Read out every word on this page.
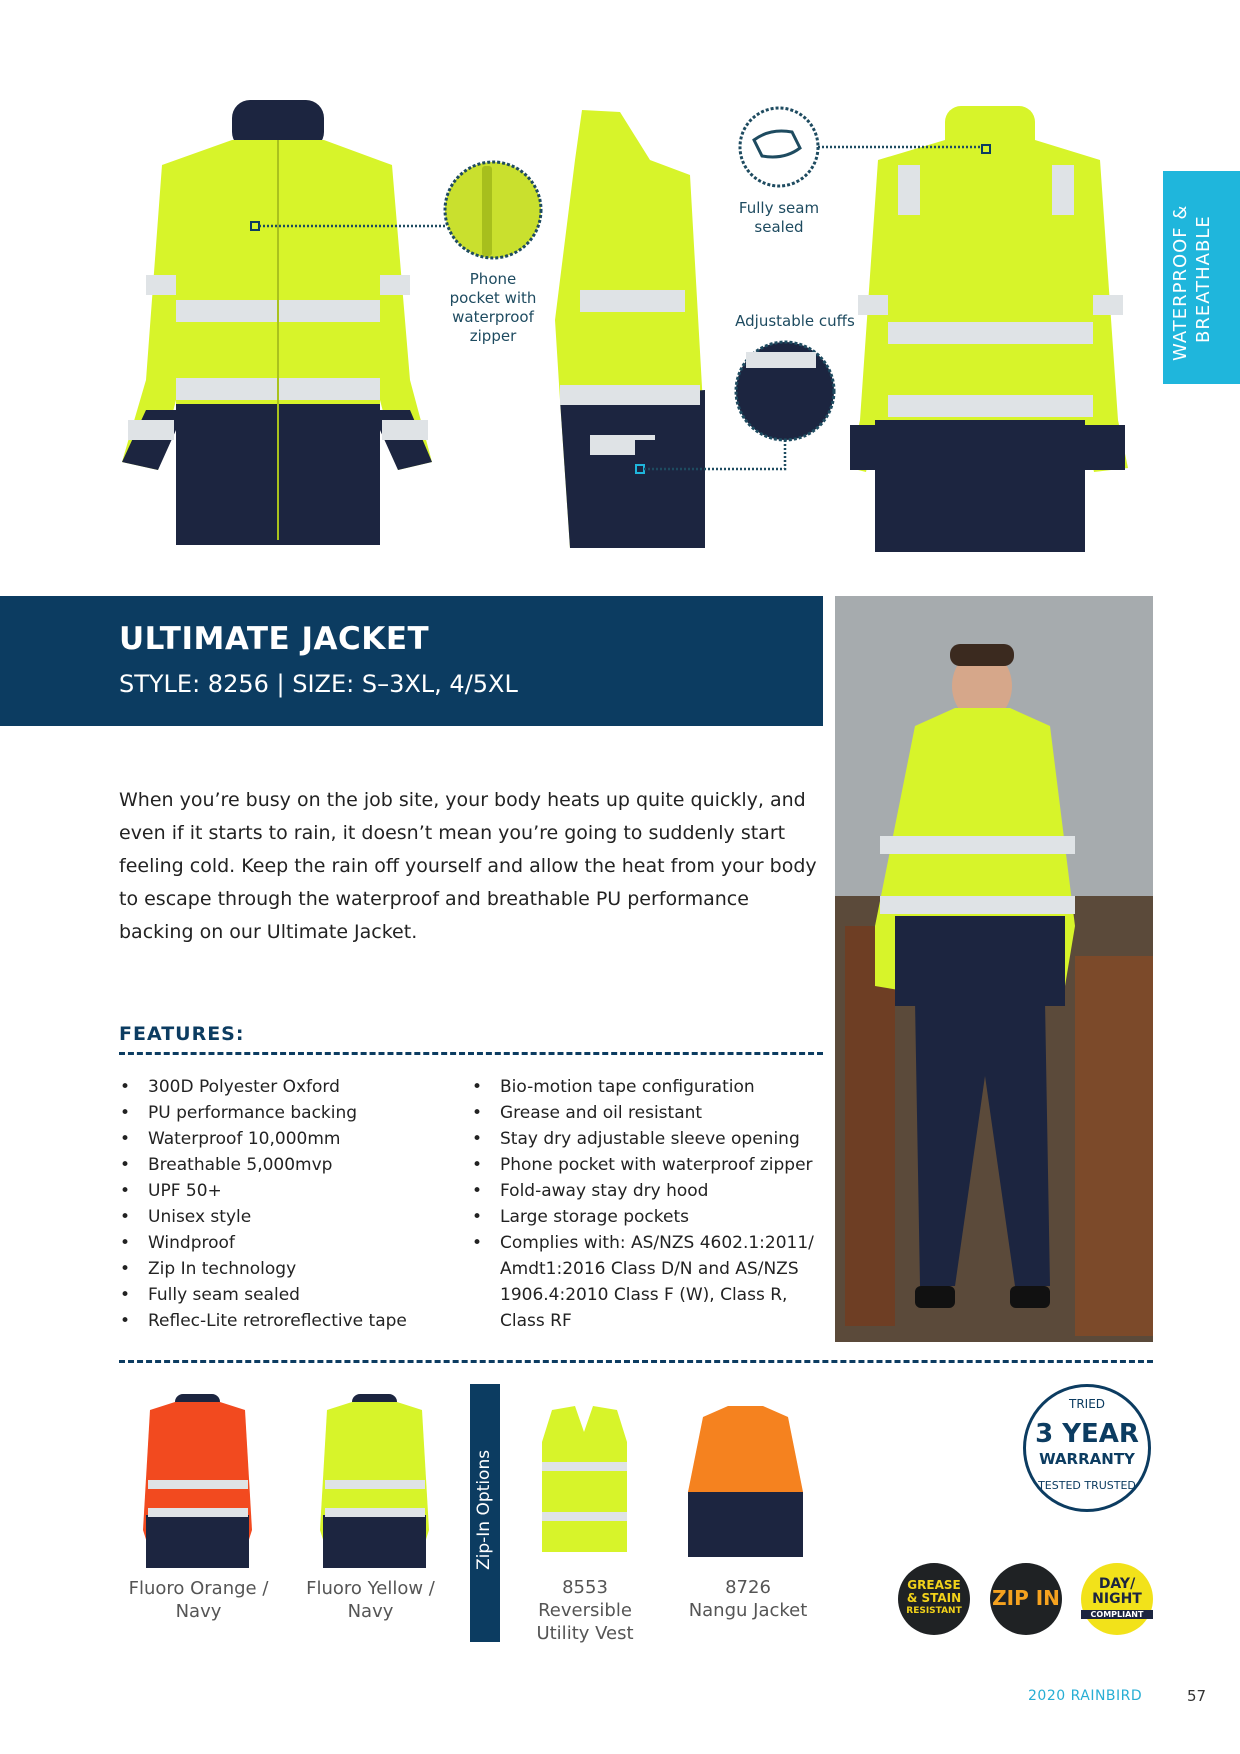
Phone
pocket with
waterproof
zipper
Fully seam
sealed
Adjustable cuffs	WATERPROOF & BREATHABLE
ULTIMATE JACKET
STYLE: 8256 | SIZE: S–3XL, 4/5XL
When you’re busy on the job site, your body heats up quite quickly, and even if it starts to rain, it doesn’t mean you’re going to suddenly start feeling cold. Keep the rain off yourself and allow the heat from your body to escape through the waterproof and breathable PU performance backing on our Ultimate Jacket.
FEATURES:
• 300D Polyester Oxford
• PU performance backing
• Waterproof 10,000mm
• Breathable 5,000mvp
• UPF 50+
• Unisex style
• Windproof
• Zip In technology
• Fully seam sealed
• Reflec-Lite retroreflective tape
• Bio-motion tape configuration
• Grease and oil resistant
• Stay dry adjustable sleeve opening
• Phone pocket with waterproof zipper
• Fold-away stay dry hood
• Large storage pockets
• Complies with: AS/NZS 4602.1:2011/ Amdt1:2016 Class D/N and AS/NZS 1906.4:2010 Class F (W), Class R, Class RF
Fluoro Orange /
Navy
Fluoro Yellow /
Navy
Zip-In Options
8553
Reversible
Utility Vest
8726
Nangu Jacket
TRIED
3 YEAR
WARRANTY
TESTED TRUSTED
GREASE
& STAIN
RESISTANT
ZIP IN
DAY/
NIGHT
COMPLIANT
2020 RAINBIRD	57
